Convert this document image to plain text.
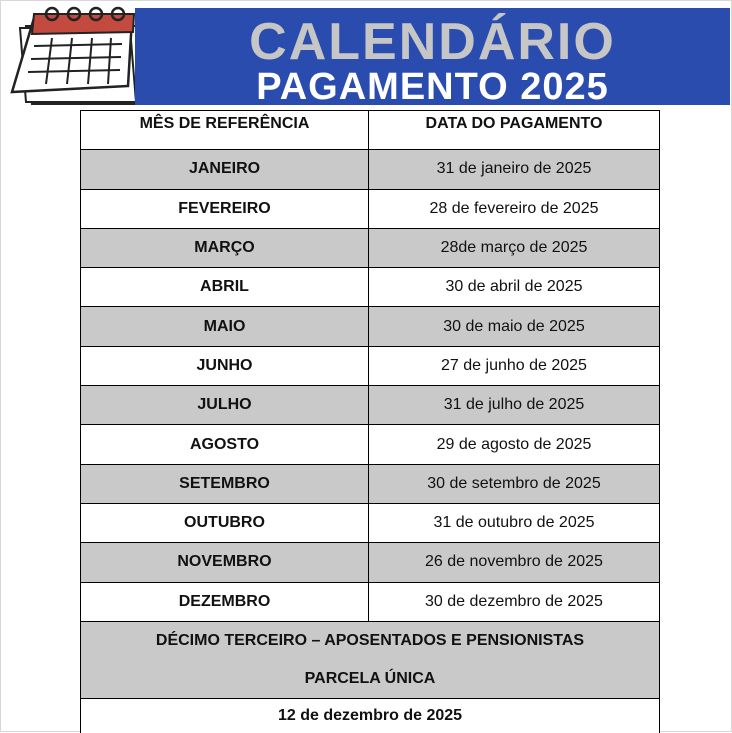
CALENDÁRIO
PAGAMENTO 2025
MÊS DE REFERÊNCIA	DATA DO PAGAMENTO
JANEIRO	31 de janeiro de 2025
FEVEREIRO	28 de fevereiro de 2025
MARÇO	28de março de 2025
ABRIL	30 de abril de 2025
MAIO	30 de maio de 2025
JUNHO	27 de junho de 2025
JULHO	31 de julho de 2025
AGOSTO	29 de agosto de 2025
SETEMBRO	30 de setembro de 2025
OUTUBRO	31 de outubro de 2025
NOVEMBRO	26 de novembro de 2025
DEZEMBRO	30 de dezembro de 2025
DÉCIMO TERCEIRO – APOSENTADOS E PENSIONISTAS
PARCELA ÚNICA
12 de dezembro de 2025
